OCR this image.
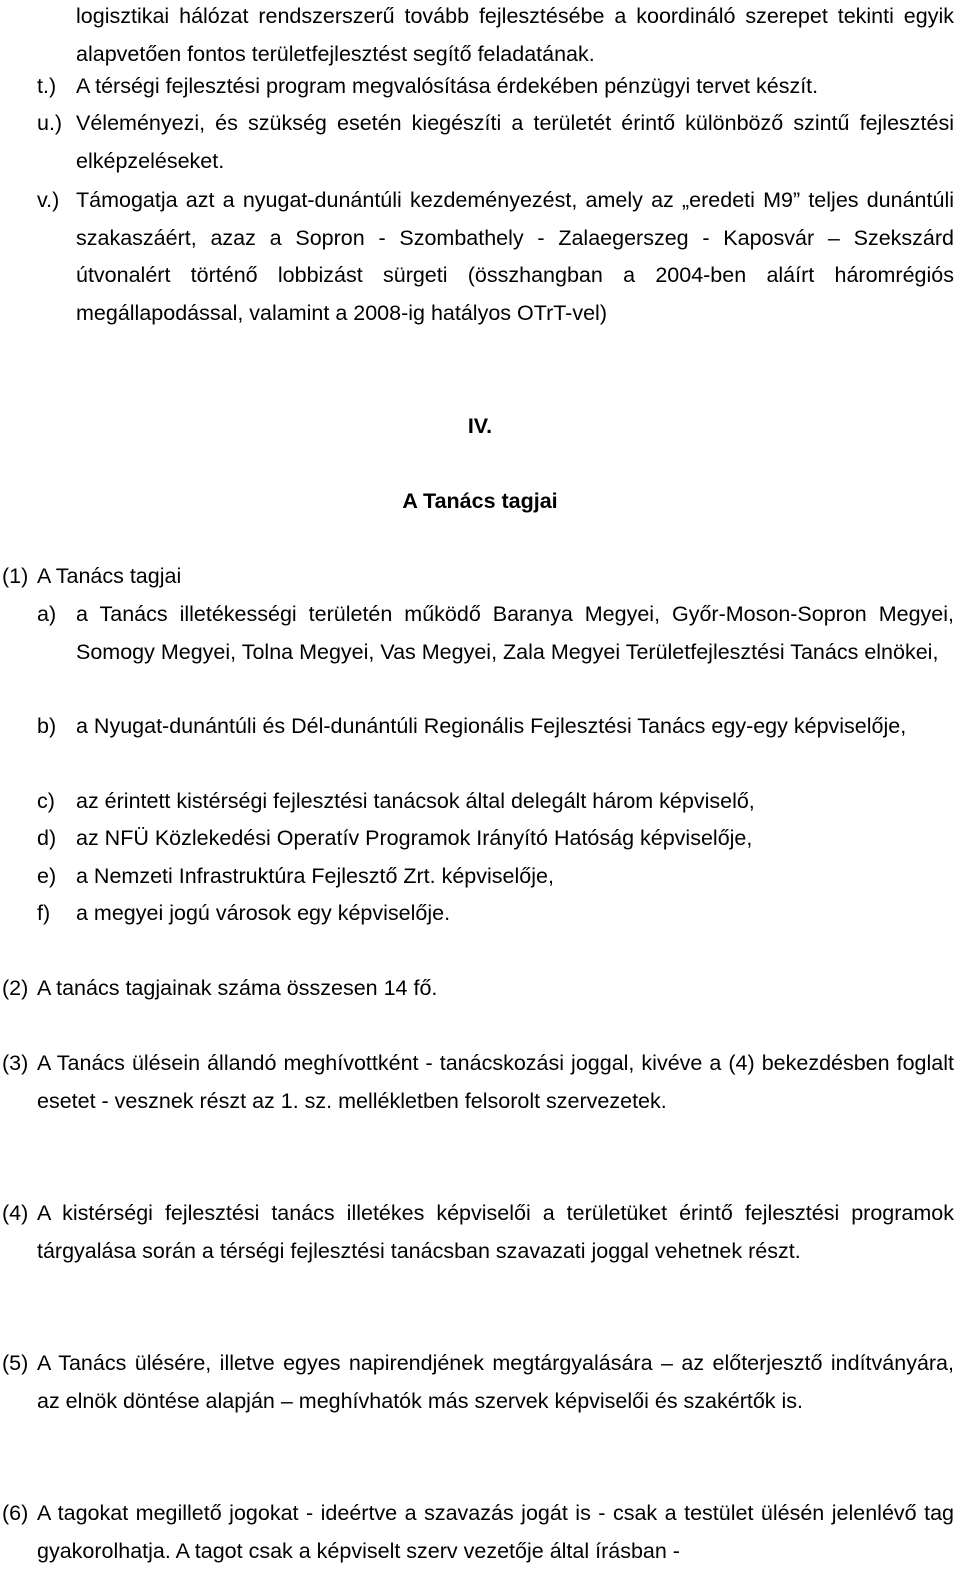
logisztikai hálózat rendszerszerű tovább fejlesztésébe a koordináló szerepet tekinti egyik alapvetően fontos területfejlesztést segítő feladatának.

t.) A térségi fejlesztési program megvalósítása érdekében pénzügyi tervet készít.

u.) Véleményezi, és szükség esetén kiegészíti a területét érintő különböző szintű fejlesztési elképzeléseket.

v.) Támogatja azt a nyugat-dunántúli kezdeményezést, amely az „eredeti M9” teljes dunántúli szakaszáért, azaz a Sopron - Szombathely - Zalaegerszeg - Kaposvár – Szekszárd útvonalért történő lobbizást sürgeti (összhangban a 2004-ben aláírt háromrégiós megállapodással, valamint a 2008-ig hatályos OTrT-vel)

IV.
A Tanács tagjai
(1) A Tanács tagjai

a) a Tanács illetékességi területén működő Baranya Megyei, Győr-Moson-Sopron Megyei, Somogy Megyei, Tolna Megyei, Vas Megyei, Zala Megyei Területfejlesztési Tanács elnökei,

b) a Nyugat-dunántúli és Dél-dunántúli Regionális Fejlesztési Tanács egy-egy képviselője,

c) az érintett kistérségi fejlesztési tanácsok által delegált három képviselő,

d) az NFÜ Közlekedési Operatív Programok Irányító Hatóság képviselője,

e) a Nemzeti Infrastruktúra Fejlesztő Zrt. képviselője,

f) a megyei jogú városok egy képviselője.

(2) A tanács tagjainak száma összesen 14 fő.

(3) A Tanács ülésein állandó meghívottként - tanácskozási joggal, kivéve a (4) bekezdésben foglalt esetet - vesznek részt az 1. sz. mellékletben felsorolt szervezetek.

(4) A kistérségi fejlesztési tanács illetékes képviselői a területüket érintő fejlesztési programok tárgyalása során a térségi fejlesztési tanácsban szavazati joggal vehetnek részt.

(5) A Tanács ülésére, illetve egyes napirendjének megtárgyalására – az előterjesztő indítványára, az elnök döntése alapján – meghívhatók más szervek képviselői és szakértők is.

(6) A tagokat megillető jogokat - ideértve a szavazás jogát is - csak a testület ülésén jelenlévő tag gyakorolhatja. A tagot csak a képviselt szerv vezetője által írásban -
